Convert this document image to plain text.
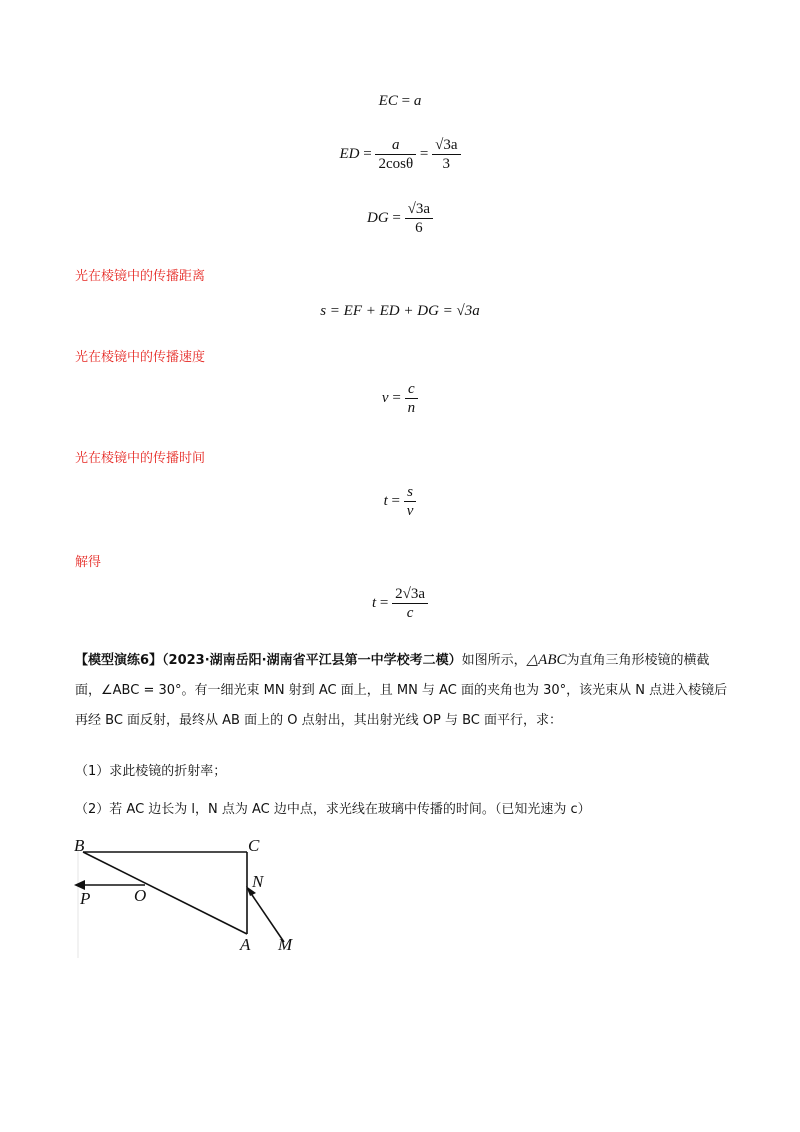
EC = a
ED = $\frac{a}{2\cos\theta} = \frac{√3a}{3}$
DG = $\frac{√3a}{6}$
光在棱镜中的传播距离
s = EF + ED + DG = √3a
光在棱镜中的传播速度
$v = \frac{c}{n}$
光在棱镜中的传播时间
$t = \frac{s}{v}$
解得
$t = \frac{2√3a}{c}$
【模型演练6】（2023·湖南岳阳·湖南省平江县第一中学校考二模）如图所示，△ABC为直角三角形棱镜的横截面，∠ABC = 30°。有一细光束 MN 射到 AC 面上，且 MN 与 AC 面的夹角也为 30°，该光束从 N 点进入棱镜后再经 BC 面反射，最终从 AB 面上的 O 点射出，其出射光线 OP 与 BC 面平行，求：
（1）求此棱镜的折射率；
（2）若 AC 边长为 l，N 点为 AC 边中点，求光线在玻璃中传播的时间。（已知光速为 c）
B	C
N
O
P
A M
